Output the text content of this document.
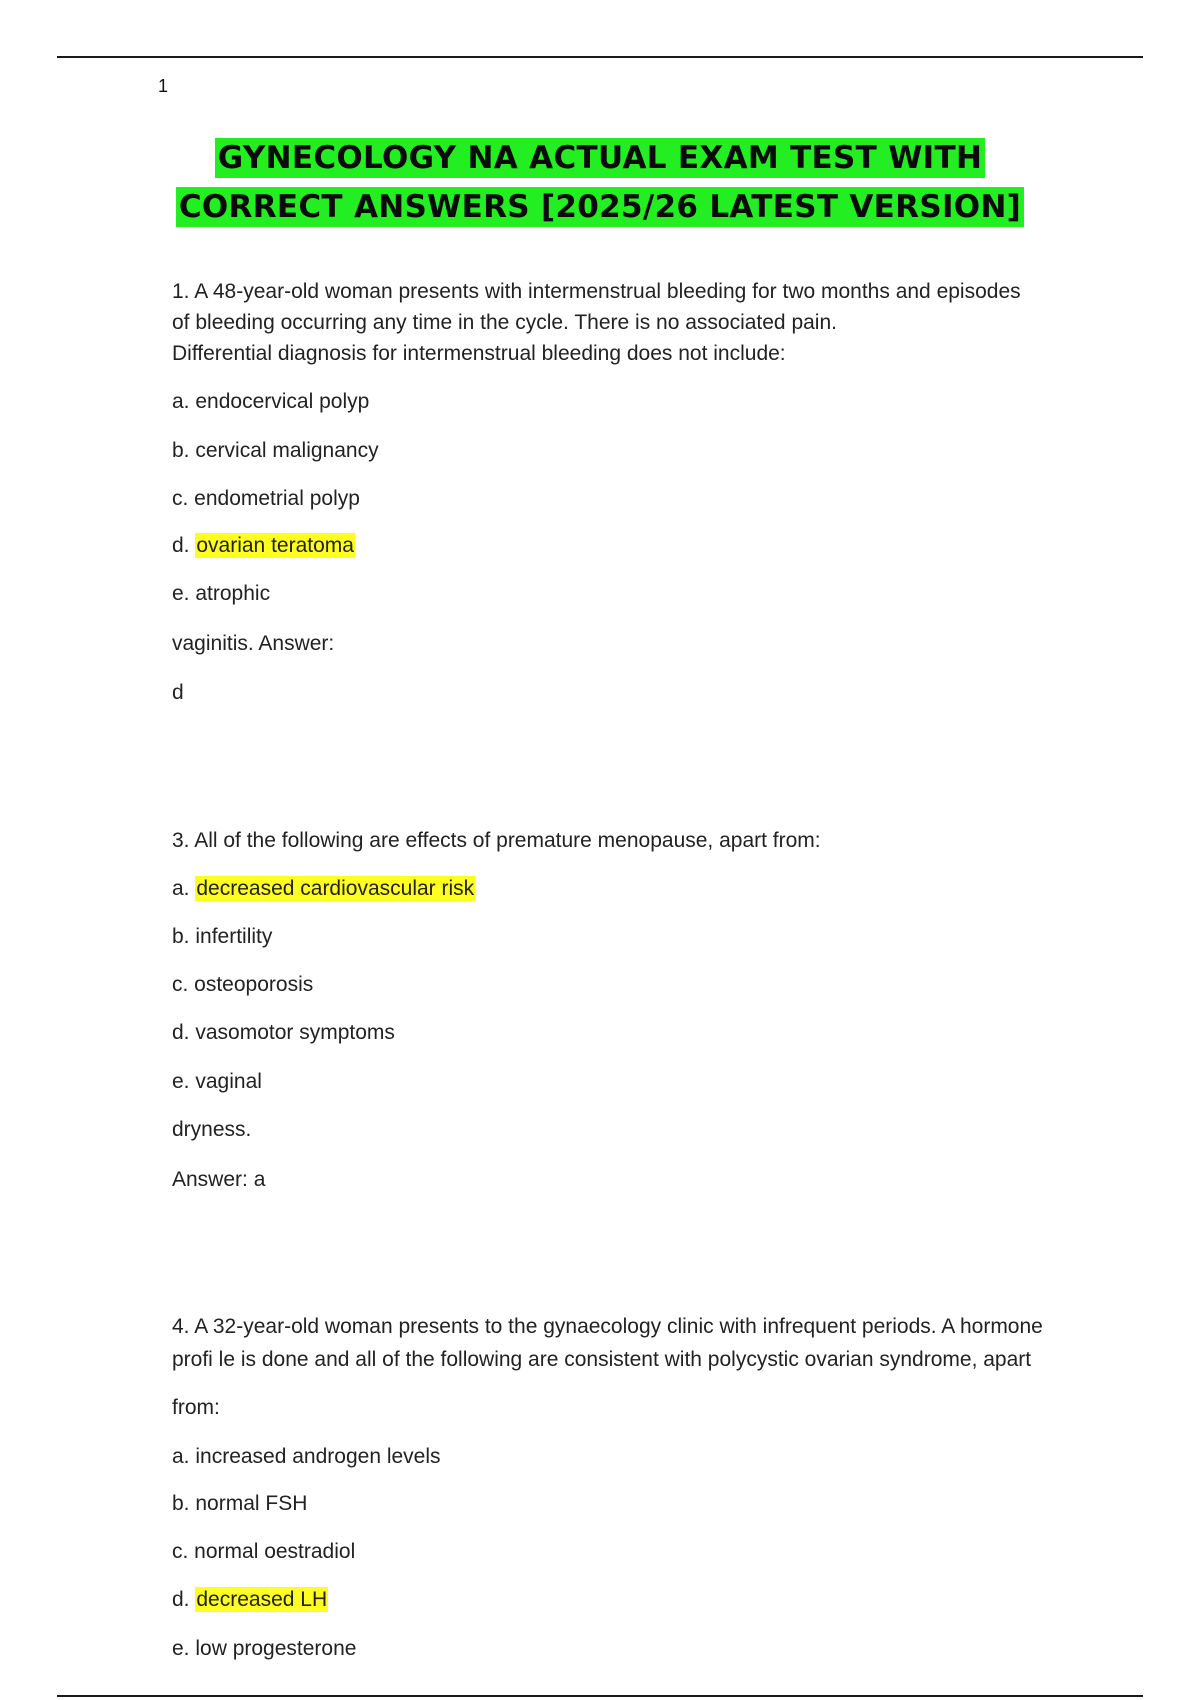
1
GYNECOLOGY NA ACTUAL EXAM TEST WITH
CORRECT ANSWERS [2025/26 LATEST VERSION]
1. A 48-year-old woman presents with intermenstrual bleeding for two months and episodes
of bleeding occurring any time in the cycle. There is no associated pain.
Differential diagnosis for intermenstrual bleeding does not include:
a. endocervical polyp
b. cervical malignancy
c. endometrial polyp
d. ovarian teratoma
e. atrophic
vaginitis. Answer:
d
3. All of the following are effects of premature menopause, apart from:
a. decreased cardiovascular risk
b. infertility
c. osteoporosis
d. vasomotor symptoms
e. vaginal
dryness.
Answer: a
4. A 32-year-old woman presents to the gynaecology clinic with infrequent periods. A hormone
profi le is done and all of the following are consistent with polycystic ovarian syndrome, apart
from:
a. increased androgen levels
b. normal FSH
c. normal oestradiol
d. decreased LH
e. low progesterone
